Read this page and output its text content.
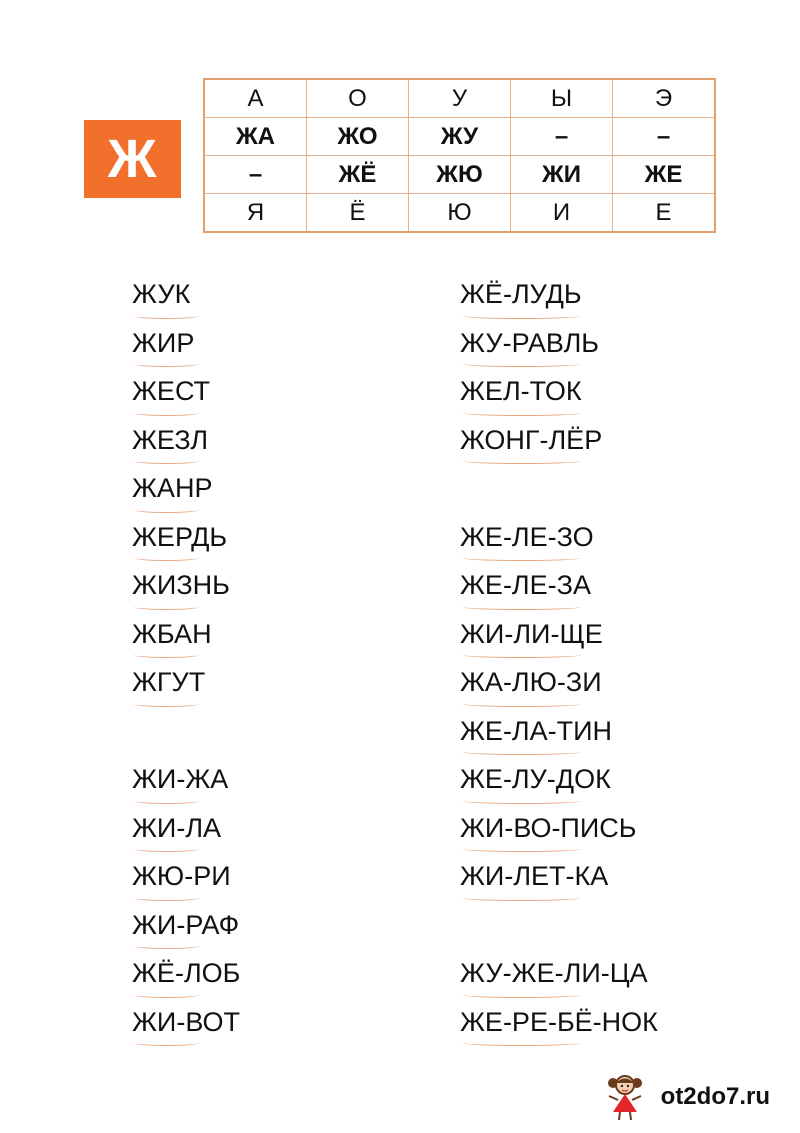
Ж
А	О	У	Ы	Э
ЖА	ЖО	ЖУ	–	–
–	ЖЁ	ЖЮ	ЖИ	ЖЕ
Я	Ё	Ю	И	Е
ЖУК
ЖИР
ЖЕСТ
ЖЕЗЛ
ЖАНР
ЖЕРДЬ
ЖИЗНЬ
ЖБАН
ЖГУТ
ЖИ-ЖА
ЖИ-ЛА
ЖЮ-РИ
ЖИ-РАФ
ЖЁ-ЛОБ
ЖИ-ВОТ
ЖЁ-ЛУДЬ
ЖУ-РАВЛЬ
ЖЕЛ-ТОК
ЖОНГ-ЛЁР
ЖЕ-ЛЕ-ЗО
ЖЕ-ЛЕ-ЗА
ЖИ-ЛИ-ЩЕ
ЖА-ЛЮ-ЗИ
ЖЕ-ЛА-ТИН
ЖЕ-ЛУ-ДОК
ЖИ-ВО-ПИСЬ
ЖИ-ЛЕТ-КА
ЖУ-ЖЕ-ЛИ-ЦА
ЖЕ-РЕ-БЁ-НОК
ot2do7.ru
